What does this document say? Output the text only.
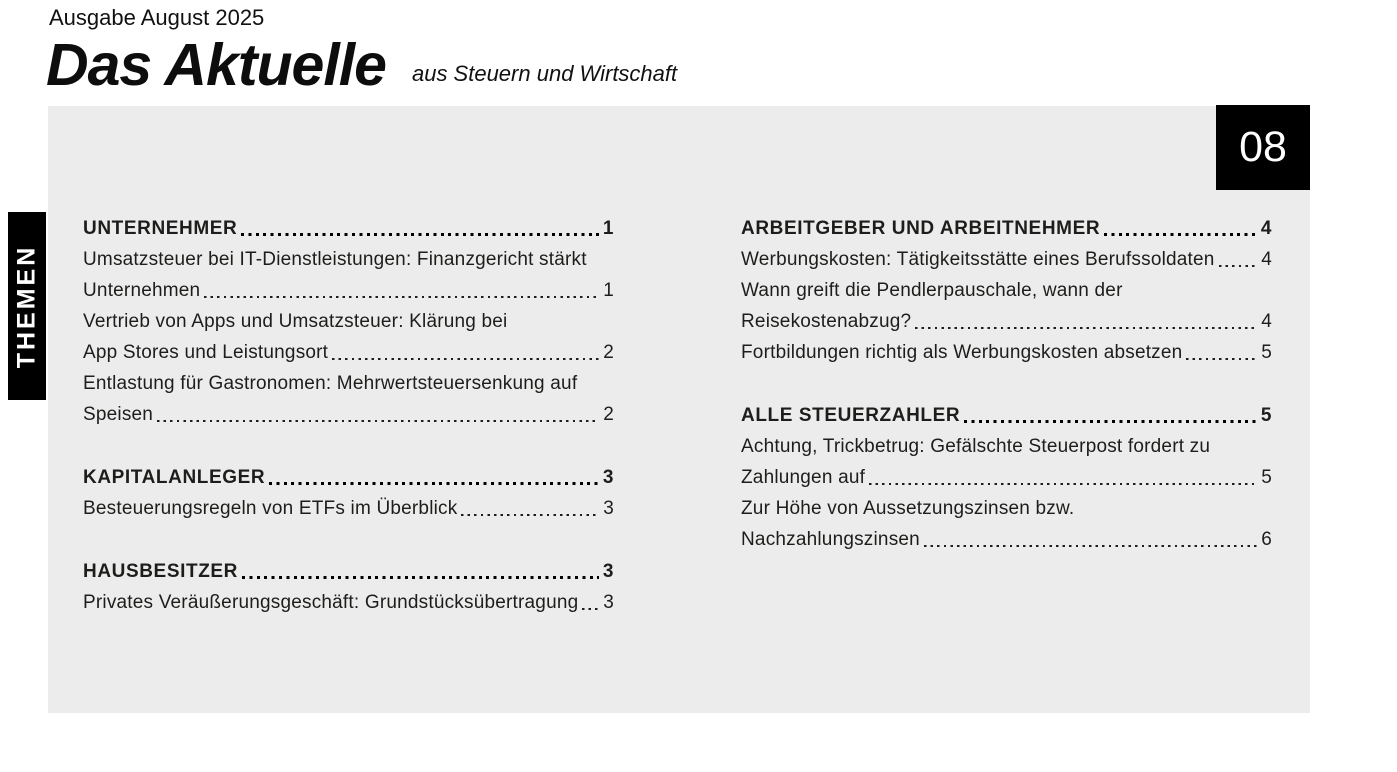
Ausgabe August 2025
Das Aktuelle aus Steuern und Wirtschaft
UNTERNEHMER	1
Umsatzsteuer bei IT-Dienstleistungen: Finanzgericht stärkt
Unternehmen	1
Vertrieb von Apps und Umsatzsteuer: Klärung bei
App Stores und Leistungsort	2
Entlastung für Gastronomen: Mehrwertsteuersenkung auf
Speisen	2
KAPITALANLEGER	3
Besteuerungsregeln von ETFs im Überblick	3
HAUSBESITZER	3
Privates Veräußerungsgeschäft: Grundstücksübertragung 3
ARBEITGEBER UND ARBEITNEHMER	4
Werbungskosten: Tätigkeitsstätte eines Berufssoldaten 4
Wann greift die Pendlerpauschale, wann der
Reisekostenabzug?	4
Fortbildungen richtig als Werbungskosten absetzen	5
ALLE STEUERZAHLER	5
Achtung, Trickbetrug: Gefälschte Steuerpost fordert zu
Zahlungen auf	5
Zur Höhe von Aussetzungszinsen bzw.
Nachzahlungszinsen	6
08
THEMEN
